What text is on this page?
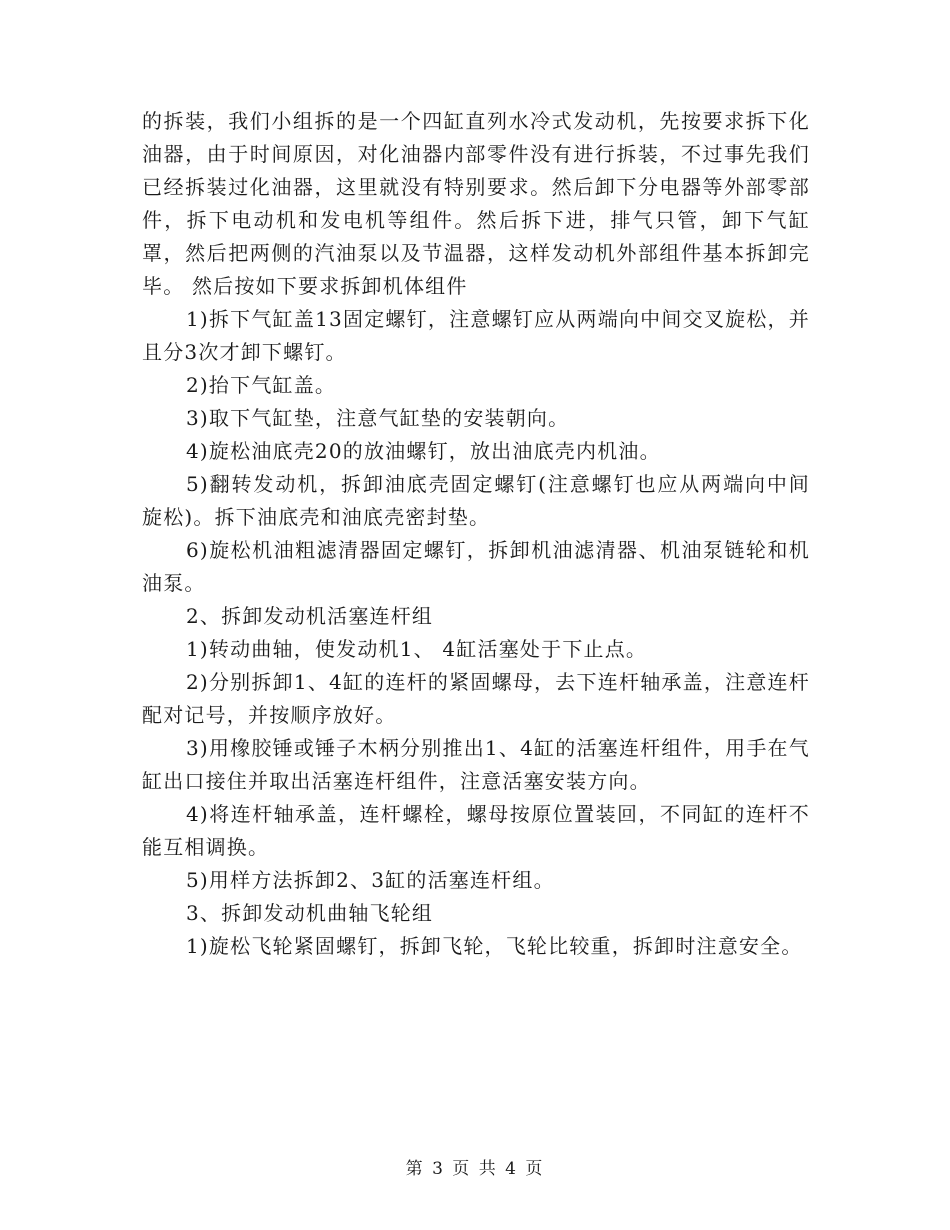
的拆装，我们小组拆的是一个四缸直列水冷式发动机，先按要求拆下化油器，由于时间原因，对化油器内部零件没有进行拆装，不过事先我们已经拆装过化油器，这里就没有特别要求。然后卸下分电器等外部零部件，拆下电动机和发电机等组件。然后拆下进，排气只管，卸下气缸罩，然后把两侧的汽油泵以及节温器，这样发动机外部组件基本拆卸完毕。 然后按如下要求拆卸机体组件

1)拆下气缸盖13固定螺钉，注意螺钉应从两端向中间交叉旋松，并且分3次才卸下螺钉。

2)抬下气缸盖。

3)取下气缸垫，注意气缸垫的安装朝向。

4)旋松油底壳20的放油螺钉，放出油底壳内机油。

5)翻转发动机，拆卸油底壳固定螺钉(注意螺钉也应从两端向中间旋松)。拆下油底壳和油底壳密封垫。

6)旋松机油粗滤清器固定螺钉，拆卸机油滤清器、机油泵链轮和机油泵。

2、拆卸发动机活塞连杆组

1)转动曲轴，使发动机1、 4缸活塞处于下止点。

2)分别拆卸1、4缸的连杆的紧固螺母，去下连杆轴承盖，注意连杆配对记号，并按顺序放好。

3)用橡胶锤或锤子木柄分别推出1、4缸的活塞连杆组件，用手在气缸出口接住并取出活塞连杆组件，注意活塞安装方向。

4)将连杆轴承盖，连杆螺栓，螺母按原位置装回，不同缸的连杆不能互相调换。

5)用样方法拆卸2、3缸的活塞连杆组。

3、拆卸发动机曲轴飞轮组

1)旋松飞轮紧固螺钉，拆卸飞轮，飞轮比较重，拆卸时注意安全。

第 3 页 共 4 页
